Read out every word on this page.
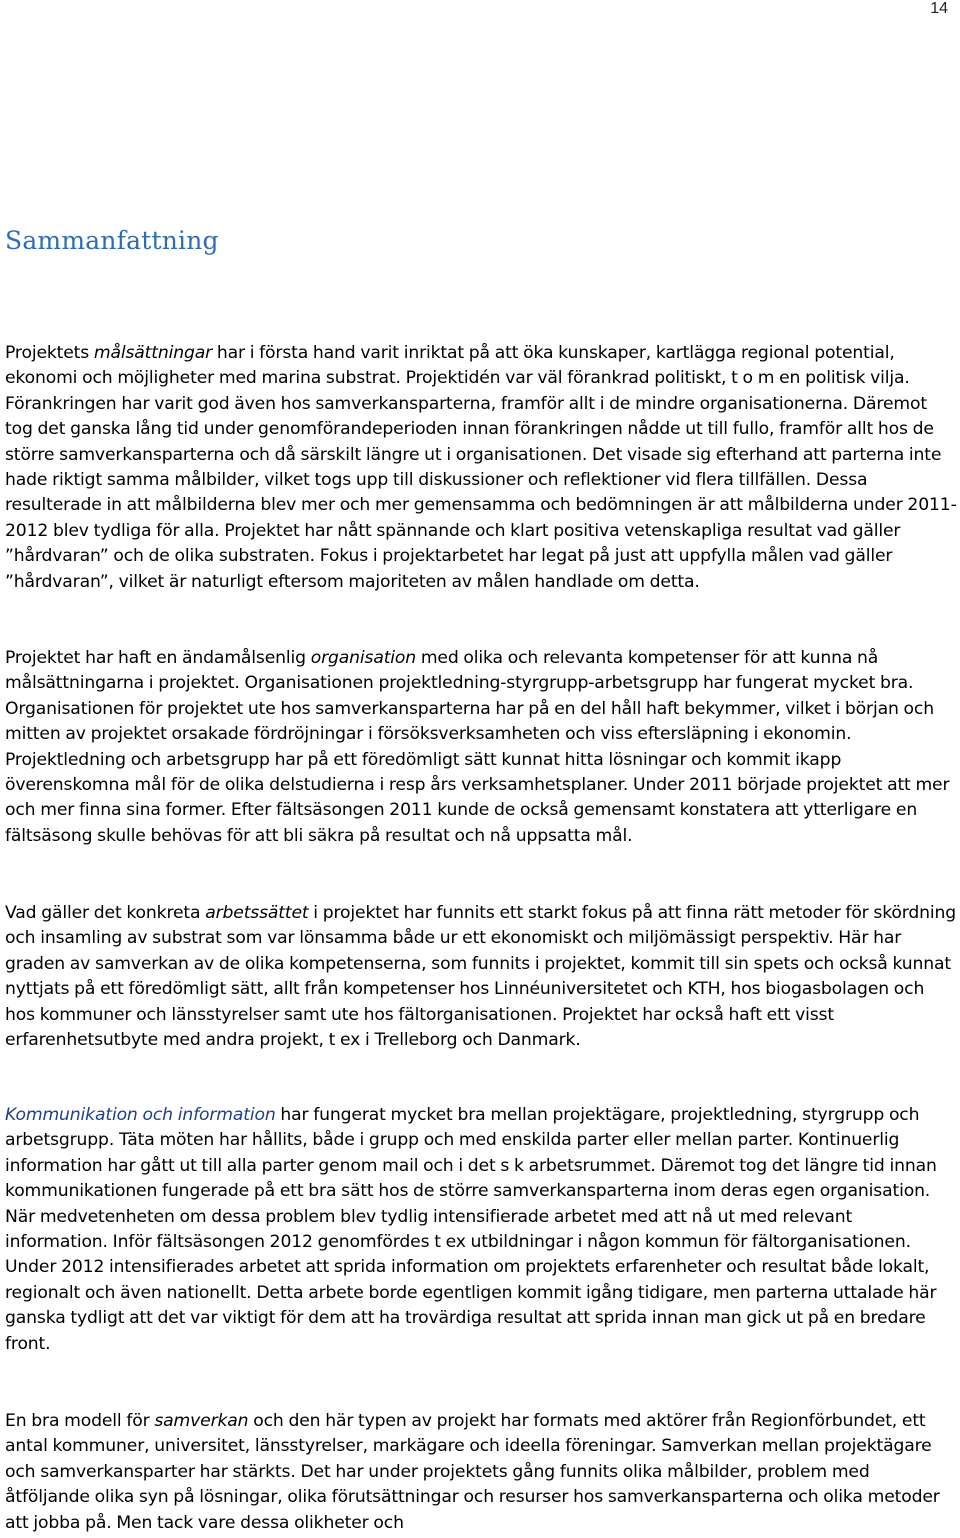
14
Sammanfattning

Projektets målsättningar har i första hand varit inriktat på att öka kunskaper, kartlägga regional potential, ekonomi och möjligheter med marina substrat. Projektidén var väl förankrad politiskt, t o m en politisk vilja. Förankringen har varit god även hos samverkansparterna, framför allt i de mindre organisationerna. Däremot tog det ganska lång tid under genomförandeperioden innan förankringen nådde ut till fullo, framför allt hos de större samverkansparterna och då särskilt längre ut i organisationen. Det visade sig efterhand att parterna inte hade riktigt samma målbilder, vilket togs upp till diskussioner och reflektioner vid flera tillfällen. Dessa resulterade in att målbilderna blev mer och mer gemensamma och bedömningen är att målbilderna under 2011-2012 blev tydliga för alla. Projektet har nått spännande och klart positiva vetenskapliga resultat vad gäller ”hårdvaran” och de olika substraten. Fokus i projektarbetet har legat på just att uppfylla målen vad gäller ”hårdvaran”, vilket är naturligt eftersom majoriteten av målen handlade om detta.

Projektet har haft en ändamålsenlig organisation med olika och relevanta kompetenser för att kunna nå målsättningarna i projektet. Organisationen projektledning-styrgrupp-arbetsgrupp har fungerat mycket bra. Organisationen för projektet ute hos samverkansparterna har på en del håll haft bekymmer, vilket i början och mitten av projektet orsakade fördröjningar i försöksverksamheten och viss eftersläpning i ekonomin. Projektledning och arbetsgrupp har på ett föredömligt sätt kunnat hitta lösningar och kommit ikapp överenskomna mål för de olika delstudierna i resp års verksamhetsplaner. Under 2011 började projektet att mer och mer finna sina former. Efter fältsäsongen 2011 kunde de också gemensamt konstatera att ytterligare en fältsäsong skulle behövas för att bli säkra på resultat och nå uppsatta mål.

Vad gäller det konkreta arbetssättet i projektet har funnits ett starkt fokus på att finna rätt metoder för skördning och insamling av substrat som var lönsamma både ur ett ekonomiskt och miljömässigt perspektiv. Här har graden av samverkan av de olika kompetenserna, som funnits i projektet, kommit till sin spets och också kunnat nyttjats på ett föredömligt sätt, allt från kompetenser hos Linnéuniversitetet och KTH, hos biogasbolagen och hos kommuner och länsstyrelser samt ute hos fältorganisationen. Projektet har också haft ett visst erfarenhetsutbyte med andra projekt, t ex i Trelleborg och Danmark.

Kommunikation och information har fungerat mycket bra mellan projektägare, projektledning, styrgrupp och arbetsgrupp. Täta möten har hållits, både i grupp och med enskilda parter eller mellan parter. Kontinuerlig information har gått ut till alla parter genom mail och i det s k arbetsrummet. Däremot tog det längre tid innan kommunikationen fungerade på ett bra sätt hos de större samverkansparterna inom deras egen organisation. När medvetenheten om dessa problem blev tydlig intensifierade arbetet med att nå ut med relevant information. Inför fältsäsongen 2012 genomfördes t ex utbildningar i någon kommun för fältorganisationen. Under 2012 intensifierades arbetet att sprida information om projektets erfarenheter och resultat både lokalt, regionalt och även nationellt. Detta arbete borde egentligen kommit igång tidigare, men parterna uttalade här ganska tydligt att det var viktigt för dem att ha trovärdiga resultat att sprida innan man gick ut på en bredare front.

En bra modell för samverkan och den här typen av projekt har formats med aktörer från Regionförbundet, ett antal kommuner, universitet, länsstyrelser, markägare och ideella föreningar. Samverkan mellan projektägare och samverkansparter har stärkts. Det har under projektets gång funnits olika målbilder, problem med åtföljande olika syn på lösningar, olika förutsättningar och resurser hos samverkansparterna och olika metoder att jobba på. Men tack vare dessa olikheter och
